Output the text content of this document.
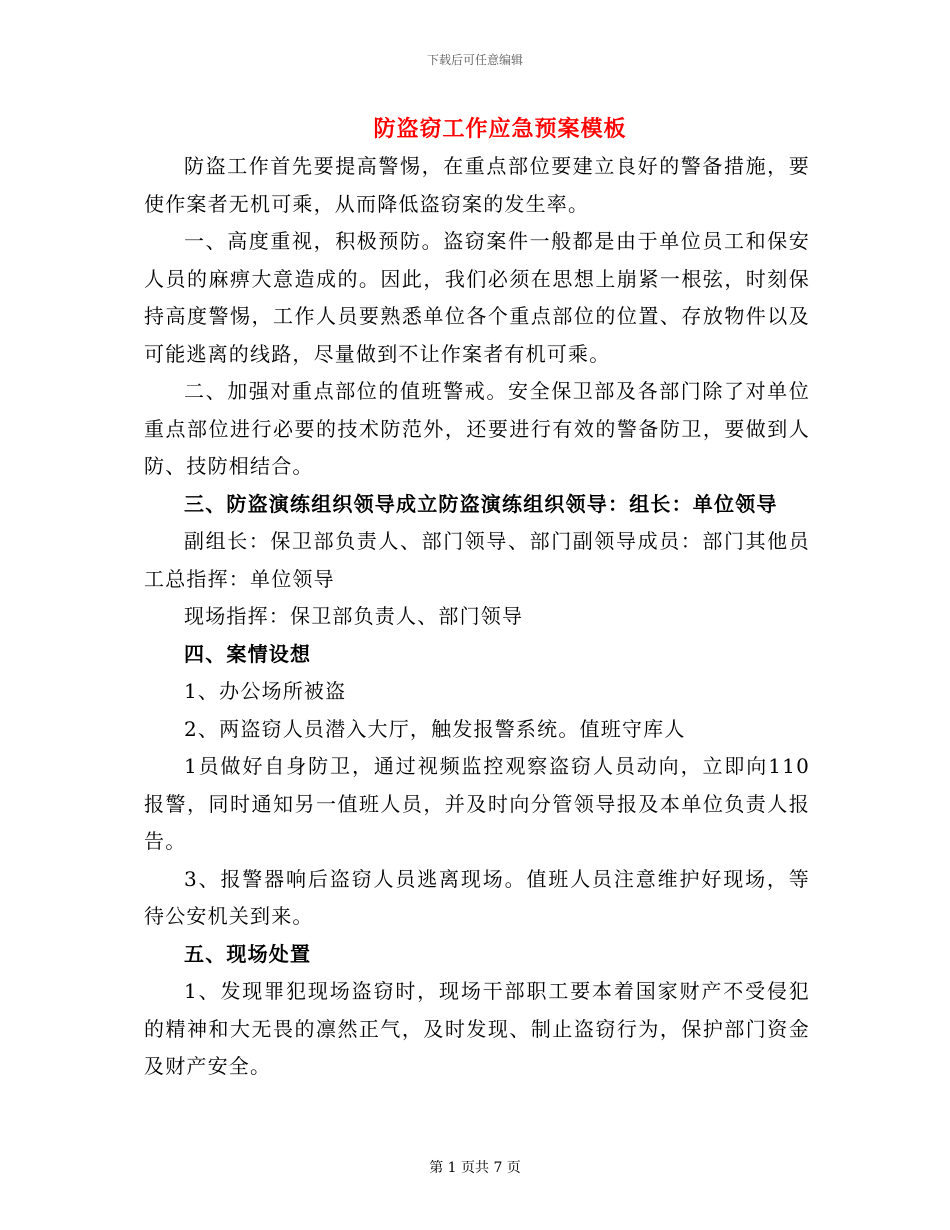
下载后可任意编辑
防盗窃工作应急预案模板

防盗工作首先要提高警惕，在重点部位要建立良好的警备措施，要使作案者无机可乘，从而降低盗窃案的发生率。

一、高度重视，积极预防。盗窃案件一般都是由于单位员工和保安人员的麻痹大意造成的。因此，我们必须在思想上崩紧一根弦，时刻保持高度警惕，工作人员要熟悉单位各个重点部位的位置、存放物件以及可能逃离的线路，尽量做到不让作案者有机可乘。

二、加强对重点部位的值班警戒。安全保卫部及各部门除了对单位重点部位进行必要的技术防范外，还要进行有效的警备防卫，要做到人防、技防相结合。

三、防盗演练组织领导成立防盗演练组织领导：组长：单位领导

副组长：保卫部负责人、部门领导、部门副领导成员：部门其他员工总指挥：单位领导

现场指挥：保卫部负责人、部门领导

四、案情设想

1、办公场所被盗

2、两盗窃人员潜入大厅，触发报警系统。值班守库人

1员做好自身防卫，通过视频监控观察盗窃人员动向，立即向110报警，同时通知另一值班人员，并及时向分管领导报及本单位负责人报告。

3、报警器响后盗窃人员逃离现场。值班人员注意维护好现场，等待公安机关到来。

五、现场处置

1、发现罪犯现场盗窃时，现场干部职工要本着国家财产不受侵犯的精神和大无畏的凛然正气，及时发现、制止盗窃行为，保护部门资金及财产安全。

第 1 页共 7 页
